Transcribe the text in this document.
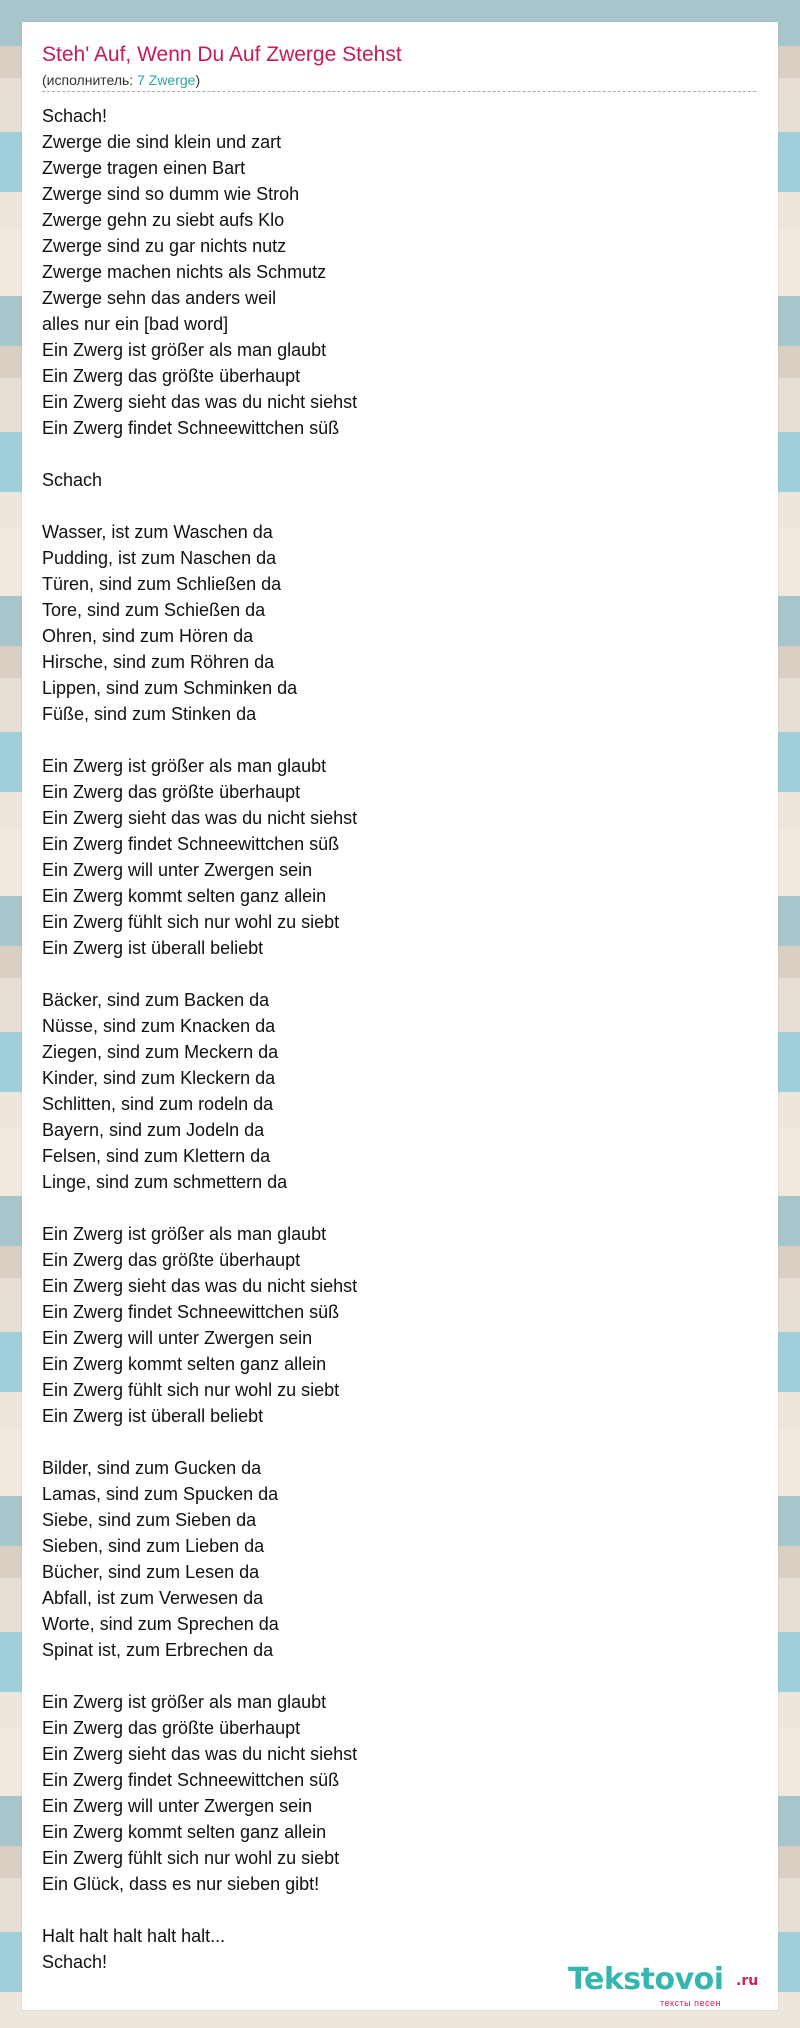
Steh' Auf, Wenn Du Auf Zwerge Stehst
(исполнитель: 7 Zwerge)
Schach!
Zwerge die sind klein und zart
Zwerge tragen einen Bart
Zwerge sind so dumm wie Stroh
Zwerge gehn zu siebt aufs Klo
Zwerge sind zu gar nichts nutz
Zwerge machen nichts als Schmutz
Zwerge sehn das anders weil
alles nur ein [bad word]
Ein Zwerg ist größer als man glaubt
Ein Zwerg das größte überhaupt
Ein Zwerg sieht das was du nicht siehst
Ein Zwerg findet Schneewittchen süß
Schach
Wasser, ist zum Waschen da
Pudding, ist zum Naschen da
Türen, sind zum Schließen da
Tore, sind zum Schießen da
Ohren, sind zum Hören da
Hirsche, sind zum Röhren da
Lippen, sind zum Schminken da
Füße, sind zum Stinken da
Ein Zwerg ist größer als man glaubt
Ein Zwerg das größte überhaupt
Ein Zwerg sieht das was du nicht siehst
Ein Zwerg findet Schneewittchen süß
Ein Zwerg will unter Zwergen sein
Ein Zwerg kommt selten ganz allein
Ein Zwerg fühlt sich nur wohl zu siebt
Ein Zwerg ist überall beliebt
Bäcker, sind zum Backen da
Nüsse, sind zum Knacken da
Ziegen, sind zum Meckern da
Kinder, sind zum Kleckern da
Schlitten, sind zum rodeln da
Bayern, sind zum Jodeln da
Felsen, sind zum Klettern da
Linge, sind zum schmettern da
Ein Zwerg ist größer als man glaubt
Ein Zwerg das größte überhaupt
Ein Zwerg sieht das was du nicht siehst
Ein Zwerg findet Schneewittchen süß
Ein Zwerg will unter Zwergen sein
Ein Zwerg kommt selten ganz allein
Ein Zwerg fühlt sich nur wohl zu siebt
Ein Zwerg ist überall beliebt
Bilder, sind zum Gucken da
Lamas, sind zum Spucken da
Siebe, sind zum Sieben da
Sieben, sind zum Lieben da
Bücher, sind zum Lesen da
Abfall, ist zum Verwesen da
Worte, sind zum Sprechen da
Spinat ist, zum Erbrechen da
Ein Zwerg ist größer als man glaubt
Ein Zwerg das größte überhaupt
Ein Zwerg sieht das was du nicht siehst
Ein Zwerg findet Schneewittchen süß
Ein Zwerg will unter Zwergen sein
Ein Zwerg kommt selten ganz allein
Ein Zwerg fühlt sich nur wohl zu siebt
Ein Glück, dass es nur sieben gibt!
Halt halt halt halt halt...
Schach!	Tekstovoi .ru
тексты песен
